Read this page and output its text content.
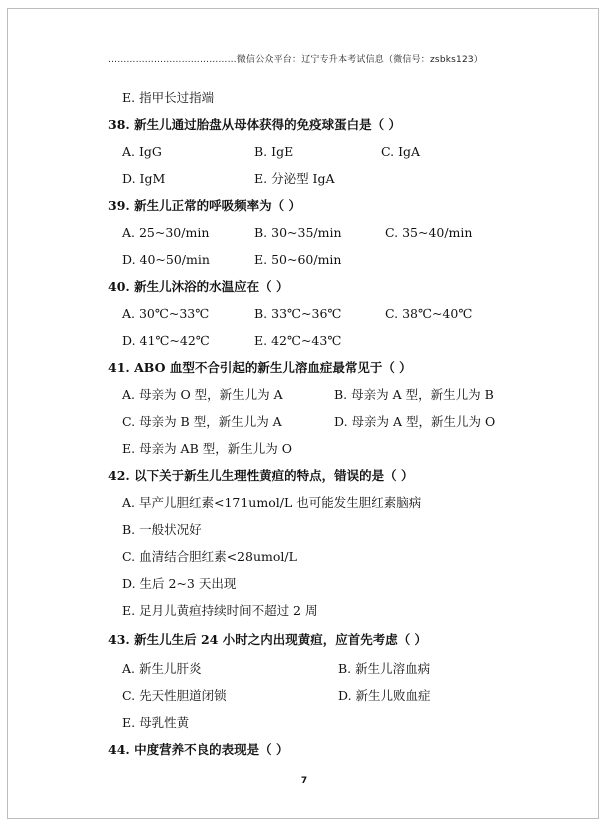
……………………………………微信公众平台：辽宁专升本考试信息（微信号：zsbks123）
E. 指甲长过指端
38. 新生儿通过胎盘从母体获得的免疫球蛋白是（ ）
A. IgG	B. IgE	C. IgA
D. IgM	E. 分泌型 IgA
39. 新生儿正常的呼吸频率为（ ）
A. 25~30/min	B. 30~35/min	C. 35~40/min
D. 40~50/min	E. 50~60/min
40. 新生儿沐浴的水温应在（ ）
A. 30℃~33℃	B. 33℃~36℃	C. 38℃~40℃
D. 41℃~42℃	E. 42℃~43℃
41. ABO 血型不合引起的新生儿溶血症最常见于（ ）
A. 母亲为 O 型，新生儿为 A	B. 母亲为 A 型，新生儿为 B
C. 母亲为 B 型，新生儿为 A	D. 母亲为 A 型，新生儿为 O
E. 母亲为 AB 型，新生儿为 O
42. 以下关于新生儿生理性黄疸的特点，错误的是（ ）
A. 早产儿胆红素<171umol/L 也可能发生胆红素脑病
B. 一般状况好
C. 血清结合胆红素<28umol/L
D. 生后 2~3 天出现
E. 足月儿黄疸持续时间不超过 2 周
43. 新生儿生后 24 小时之内出现黄疸，应首先考虑（ ）
A. 新生儿肝炎	B. 新生儿溶血病
C. 先天性胆道闭锁	D. 新生儿败血症
E. 母乳性黄
44. 中度营养不良的表现是（ ）
7
